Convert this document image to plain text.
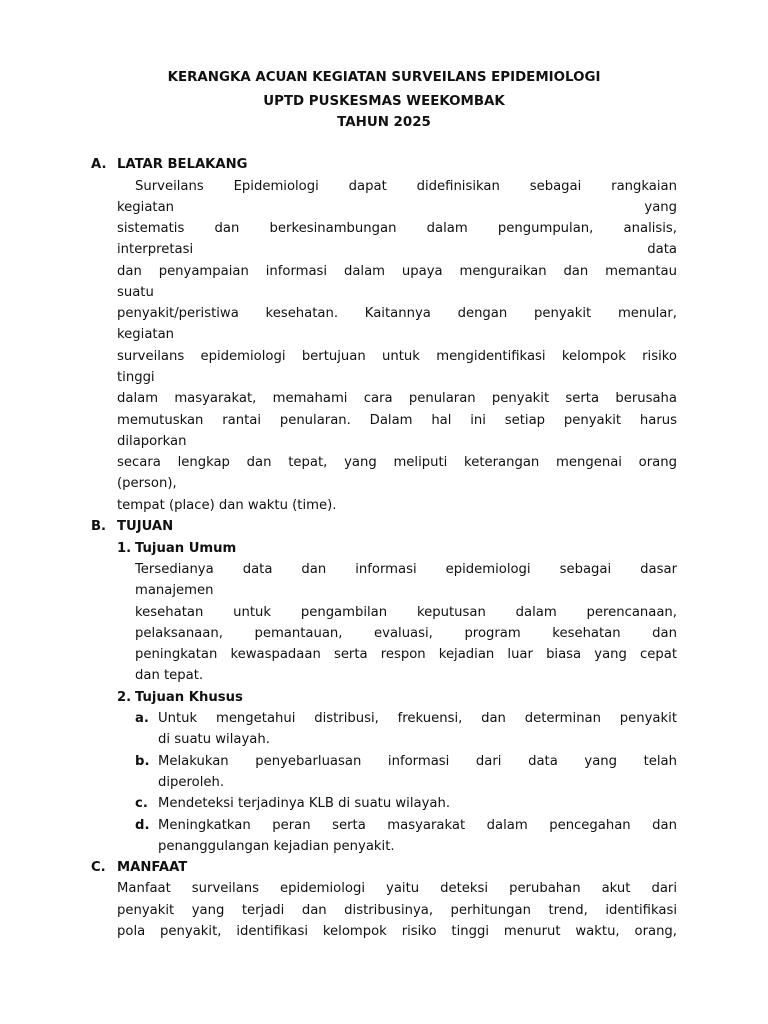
KERANGKA ACUAN KEGIATAN SURVEILANS EPIDEMIOLOGI
UPTD PUSKESMAS WEEKOMBAK
TAHUN 2025
A. LATAR BELAKANG
Surveilans Epidemiologi dapat didefinisikan sebagai rangkaian
kegiatan yang
sistematis dan berkesinambungan dalam pengumpulan, analisis,
interpretasi data
dan penyampaian informasi dalam upaya menguraikan dan memantau
suatu
penyakit/peristiwa kesehatan. Kaitannya dengan penyakit menular,
kegiatan
surveilans epidemiologi bertujuan untuk mengidentifikasi kelompok risiko
tinggi
dalam masyarakat, memahami cara penularan penyakit serta berusaha
memutuskan rantai penularan. Dalam hal ini setiap penyakit harus
dilaporkan
secara lengkap dan tepat, yang meliputi keterangan mengenai orang
(person),
tempat (place) dan waktu (time).
B. TUJUAN
1. Tujuan Umum
Tersedianya data dan informasi epidemiologi sebagai dasar
manajemen
kesehatan untuk pengambilan keputusan dalam perencanaan,
pelaksanaan, pemantauan, evaluasi, program kesehatan dan
peningkatan kewaspadaan serta respon kejadian luar biasa yang cepat
dan tepat.
2. Tujuan Khusus
a. Untuk mengetahui distribusi, frekuensi, dan determinan penyakit
di suatu wilayah.
b. Melakukan penyebarluasan informasi dari data yang telah
diperoleh.
c. Mendeteksi terjadinya KLB di suatu wilayah.
d. Meningkatkan peran serta masyarakat dalam pencegahan dan
penanggulangan kejadian penyakit.
C. MANFAAT
Manfaat surveilans epidemiologi yaitu deteksi perubahan akut dari
penyakit yang terjadi dan distribusinya, perhitungan trend, identifikasi
pola penyakit, identifikasi kelompok risiko tinggi menurut waktu, orang,
